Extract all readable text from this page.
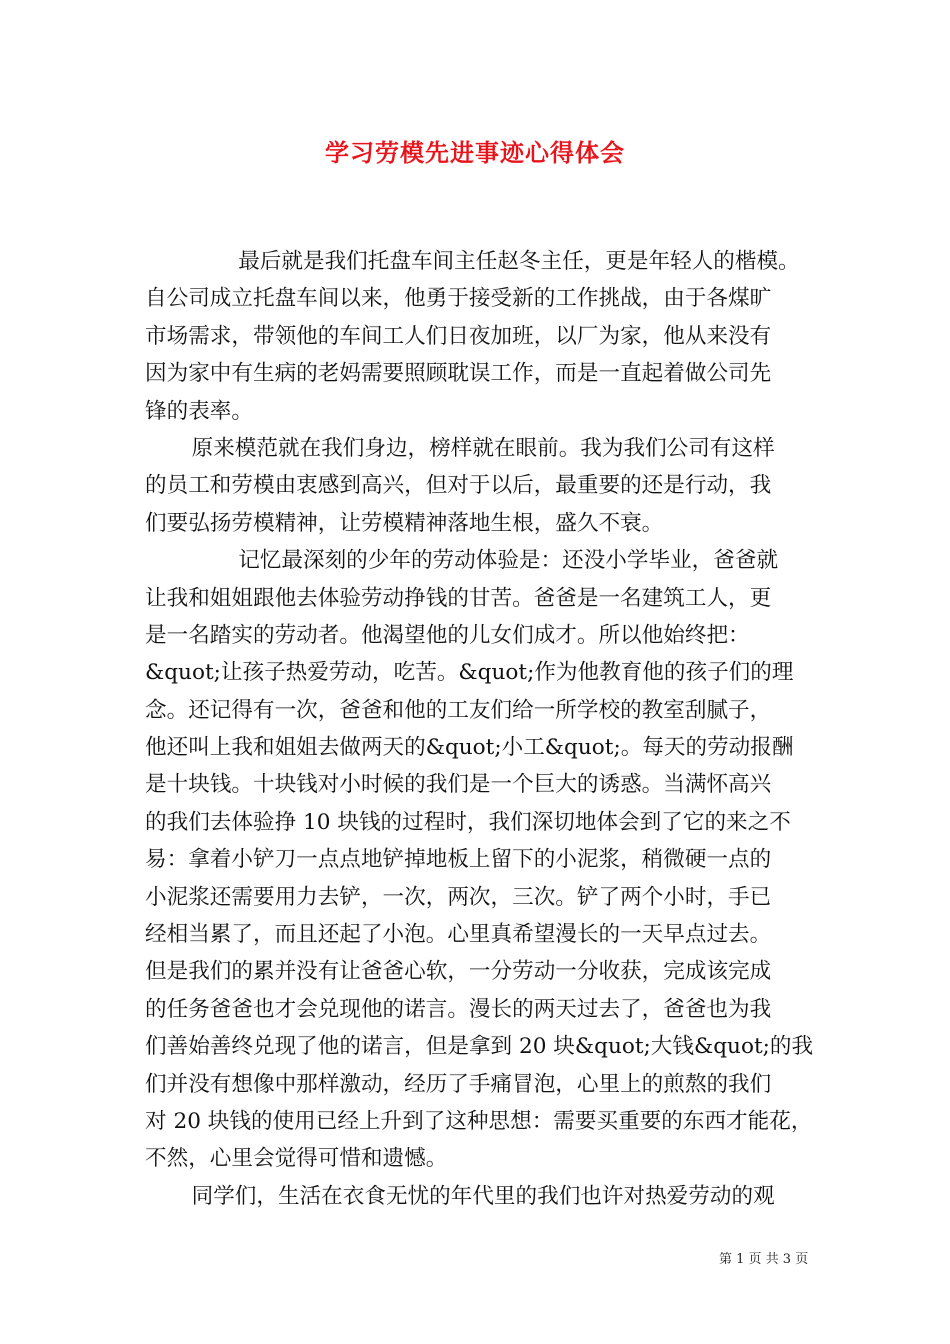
学习劳模先进事迹心得体会
最后就是我们托盘车间主任赵冬主任，更是年轻人的楷模。
自公司成立托盘车间以来，他勇于接受新的工作挑战，由于各煤旷
市场需求，带领他的车间工人们日夜加班，以厂为家，他从来没有
因为家中有生病的老妈需要照顾耽误工作，而是一直起着做公司先
锋的表率。
原来模范就在我们身边，榜样就在眼前。我为我们公司有这样
的员工和劳模由衷感到高兴，但对于以后，最重要的还是行动，我
们要弘扬劳模精神，让劳模精神落地生根，盛久不衰。
记忆最深刻的少年的劳动体验是：还没小学毕业，爸爸就
让我和姐姐跟他去体验劳动挣钱的甘苦。爸爸是一名建筑工人，更
是一名踏实的劳动者。他渴望他的儿女们成才。所以他始终把：
&quot;让孩子热爱劳动，吃苦。&quot;作为他教育他的孩子们的理
念。还记得有一次，爸爸和他的工友们给一所学校的教室刮腻子，
他还叫上我和姐姐去做两天的&quot;小工&quot;。每天的劳动报酬
是十块钱。十块钱对小时候的我们是一个巨大的诱惑。当满怀高兴
的我们去体验挣 10 块钱的过程时，我们深切地体会到了它的来之不
易：拿着小铲刀一点点地铲掉地板上留下的小泥浆，稍微硬一点的
小泥浆还需要用力去铲，一次，两次，三次。铲了两个小时，手已
经相当累了，而且还起了小泡。心里真希望漫长的一天早点过去。
但是我们的累并没有让爸爸心软，一分劳动一分收获，完成该完成
的任务爸爸也才会兑现他的诺言。漫长的两天过去了，爸爸也为我
们善始善终兑现了他的诺言，但是拿到 20 块&quot;大钱&quot;的我
们并没有想像中那样激动，经历了手痛冒泡，心里上的煎熬的我们
对 20 块钱的使用已经上升到了这种思想：需要买重要的东西才能花，
不然，心里会觉得可惜和遗憾。
同学们，生活在衣食无忧的年代里的我们也许对热爱劳动的观
第 1 页 共 3 页
